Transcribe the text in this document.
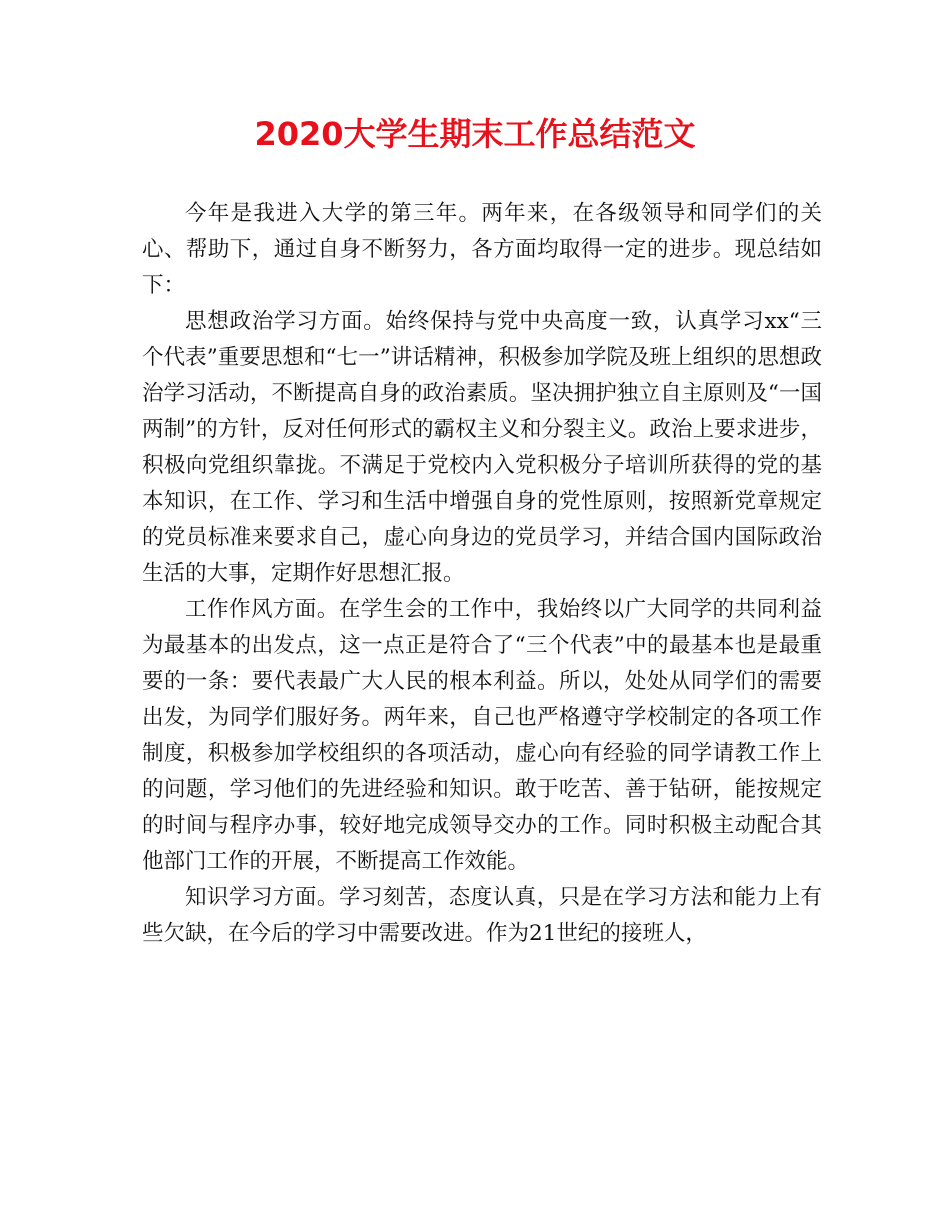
2020大学生期末工作总结范文

今年是我进入大学的第三年。两年来，在各级领导和同学们的关心、帮助下，通过自身不断努力，各方面均取得一定的进步。现总结如下：

思想政治学习方面。始终保持与党中央高度一致，认真学习xx“三个代表”重要思想和“七一”讲话精神，积极参加学院及班上组织的思想政治学习活动，不断提高自身的政治素质。坚决拥护独立自主原则及“一国两制”的方针，反对任何形式的霸权主义和分裂主义。政治上要求进步，积极向党组织靠拢。不满足于党校内入党积极分子培训所获得的党的基本知识，在工作、学习和生活中增强自身的党性原则，按照新党章规定的党员标准来要求自己，虚心向身边的党员学习，并结合国内国际政治生活的大事，定期作好思想汇报。

工作作风方面。在学生会的工作中，我始终以广大同学的共同利益为最基本的出发点，这一点正是符合了“三个代表”中的最基本也是最重要的一条：要代表最广大人民的根本利益。所以，处处从同学们的需要出发，为同学们服好务。两年来，自己也严格遵守学校制定的各项工作制度，积极参加学校组织的各项活动，虚心向有经验的同学请教工作上的问题，学习他们的先进经验和知识。敢于吃苦、善于钻研，能按规定的时间与程序办事，较好地完成领导交办的工作。同时积极主动配合其他部门工作的开展，不断提高工作效能。

知识学习方面。学习刻苦，态度认真，只是在学习方法和能力上有些欠缺，在今后的学习中需要改进。作为21世纪的接班人，
